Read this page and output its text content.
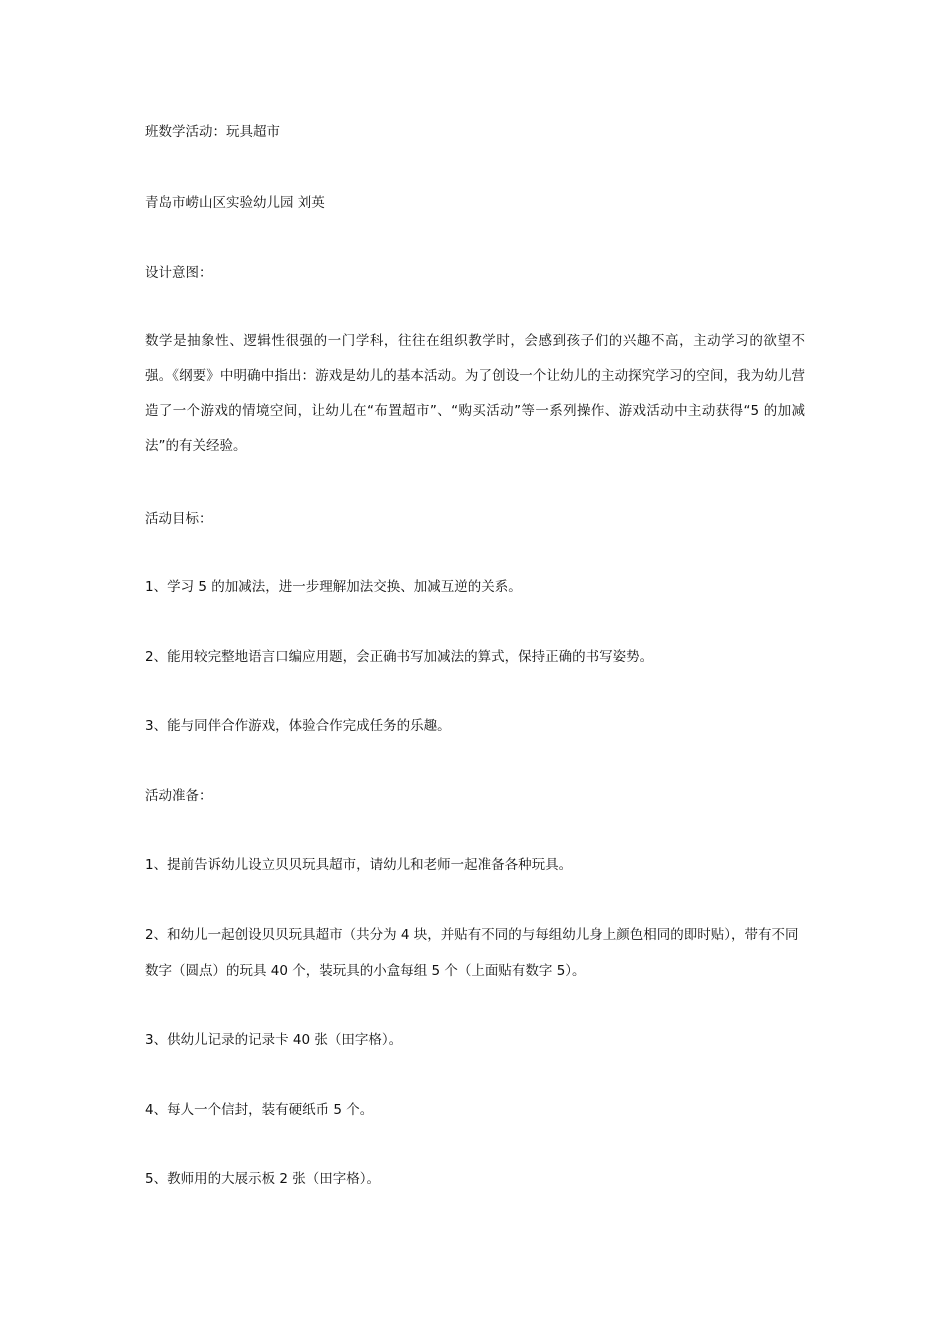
班数学活动：玩具超市

青岛市崂山区实验幼儿园 刘英

设计意图：

数学是抽象性、逻辑性很强的一门学科，往往在组织教学时，会感到孩子们的兴趣不高，主动学习的欲望不强。《纲要》中明确中指出：游戏是幼儿的基本活动。为了创设一个让幼儿的主动探究学习的空间，我为幼儿营造了一个游戏的情境空间，让幼儿在“布置超市”、“购买活动”等一系列操作、游戏活动中主动获得“5 的加减法”的有关经验。

活动目标：

1、学习 5 的加减法，进一步理解加法交换、加减互逆的关系。

2、能用较完整地语言口编应用题，会正确书写加减法的算式，保持正确的书写姿势。

3、能与同伴合作游戏，体验合作完成任务的乐趣。

活动准备：

1、提前告诉幼儿设立贝贝玩具超市，请幼儿和老师一起准备各种玩具。

2、和幼儿一起创设贝贝玩具超市（共分为 4 块，并贴有不同的与每组幼儿身上颜色相同的即时贴），带有不同数字（圆点）的玩具 40 个，装玩具的小盒每组 5 个（上面贴有数字 5）。

3、供幼儿记录的记录卡 40 张（田字格）。

4、每人一个信封，装有硬纸币 5 个。

5、教师用的大展示板 2 张（田字格）。
